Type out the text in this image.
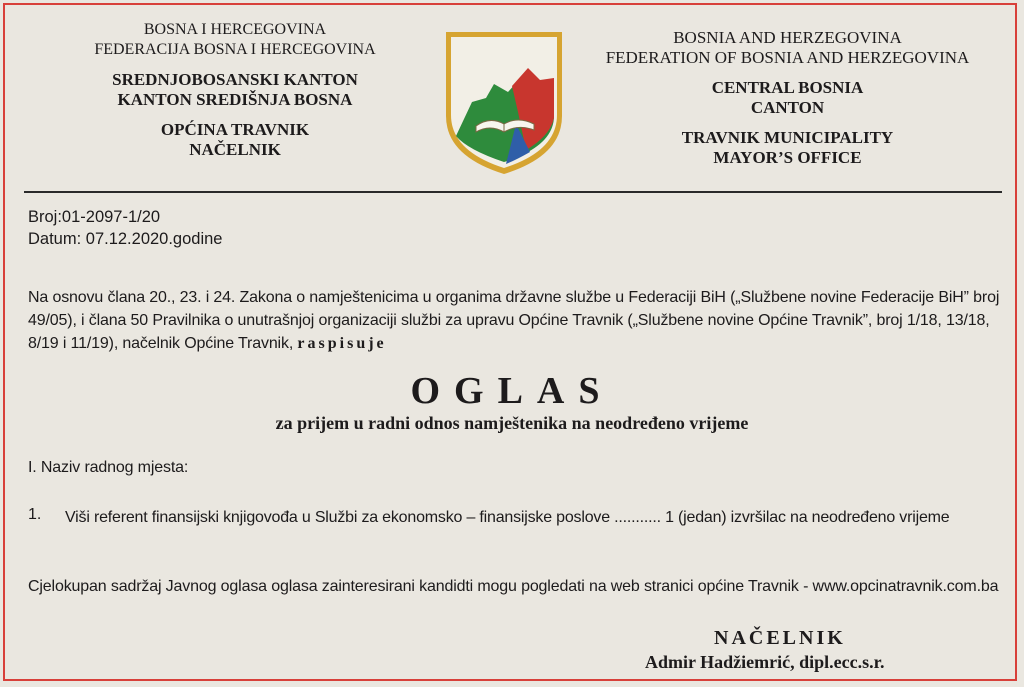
BOSNA I HERCEGOVINA
FEDERACIJA BOSNA I HERCEGOVINA
SREDNJOBOSANSKI KANTON
KANTON SREDIŠNJA BOSNA
OPĆINA TRAVNIK
NAČELNIK
BOSNIA AND HERZEGOVINA
FEDERATION OF BOSNIA AND HERZEGOVINA
CENTRAL BOSNIA
CANTON
TRAVNIK MUNICIPALITY
MAYOR’S OFFICE
Broj:01-2097-1/20
Datum: 07.12.2020.godine
Na osnovu člana 20., 23. i 24. Zakona o namještenicima u organima državne službe u Federaciji BiH („Službene novine Federacije BiH” broj 49/05), i člana 50 Pravilnika o unutrašnjoj organizaciji službi za upravu Općine Travnik („Službene novine Općine Travnik”, broj 1/18, 13/18, 8/19 i 11/19), načelnik Općine Travnik, raspisuje
OGLAS
za prijem u radni odnos namještenika na neodređeno vrijeme
I. Naziv radnog mjesta:
1. Viši referent finansijski knjigovođa u Službi za ekonomsko – finansijske poslove ........... 1 (jedan) izvršilac na neodređeno vrijeme
Cjelokupan sadržaj Javnog oglasa oglasa zainteresirani kandidti mogu pogledati na web stranici općine Travnik - www.opcinatravnik.com.ba
NAČELNIK
Admir Hadžiemrić, dipl.ecc.s.r.
